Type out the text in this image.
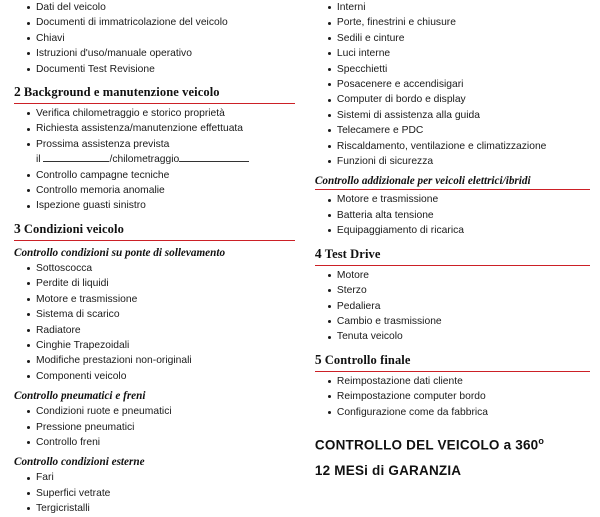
Dati del veicolo
Documenti di immatricolazione del veicolo
Chiavi
Istruzioni d'uso/manuale operativo
Documenti Test Revisione
2 Background e manutenzione veicolo
Verifica chilometraggio e storico proprietà
Richiesta assistenza/manutenzione effettuata
Prossima assistenza prevista
il	/chilometraggio
Controllo campagne tecniche
Controllo memoria anomalie
Ispezione guasti sinistro
3 Condizioni veicolo
Controllo condizioni su ponte di sollevamento
Sottoscocca
Perdite di liquidi
Motore e trasmissione
Sistema di scarico
Radiatore
Cinghie Trapezoidali
Modifiche prestazioni non-originali
Componenti veicolo
Controllo pneumatici e freni
Condizioni ruote e pneumatici
Pressione pneumatici
Controllo freni
Controllo condizioni esterne
Fari
Superfici vetrate
Tergicristalli
Interni
Porte, finestrini e chiusure
Sedili e cinture
Luci interne
Specchietti
Posacenere e accendisigari
Computer di bordo e display
Sistemi di assistenza alla guida
Telecamere e PDC
Riscaldamento, ventilazione e climatizzazione
Funzioni di sicurezza
Controllo addizionale per veicoli elettrici/ibridi
Motore e trasmissione
Batteria alta tensione
Equipaggiamento di ricarica
4 Test Drive
Motore
Sterzo
Pedaliera
Cambio e trasmissione
Tenuta veicolo
5 Controllo finale
Reimpostazione dati cliente
Reimpostazione computer bordo
Configurazione come da fabbrica
CONTROLLO DEL VEICOLO a 360$^o$
12 MESi di GARANZIA
